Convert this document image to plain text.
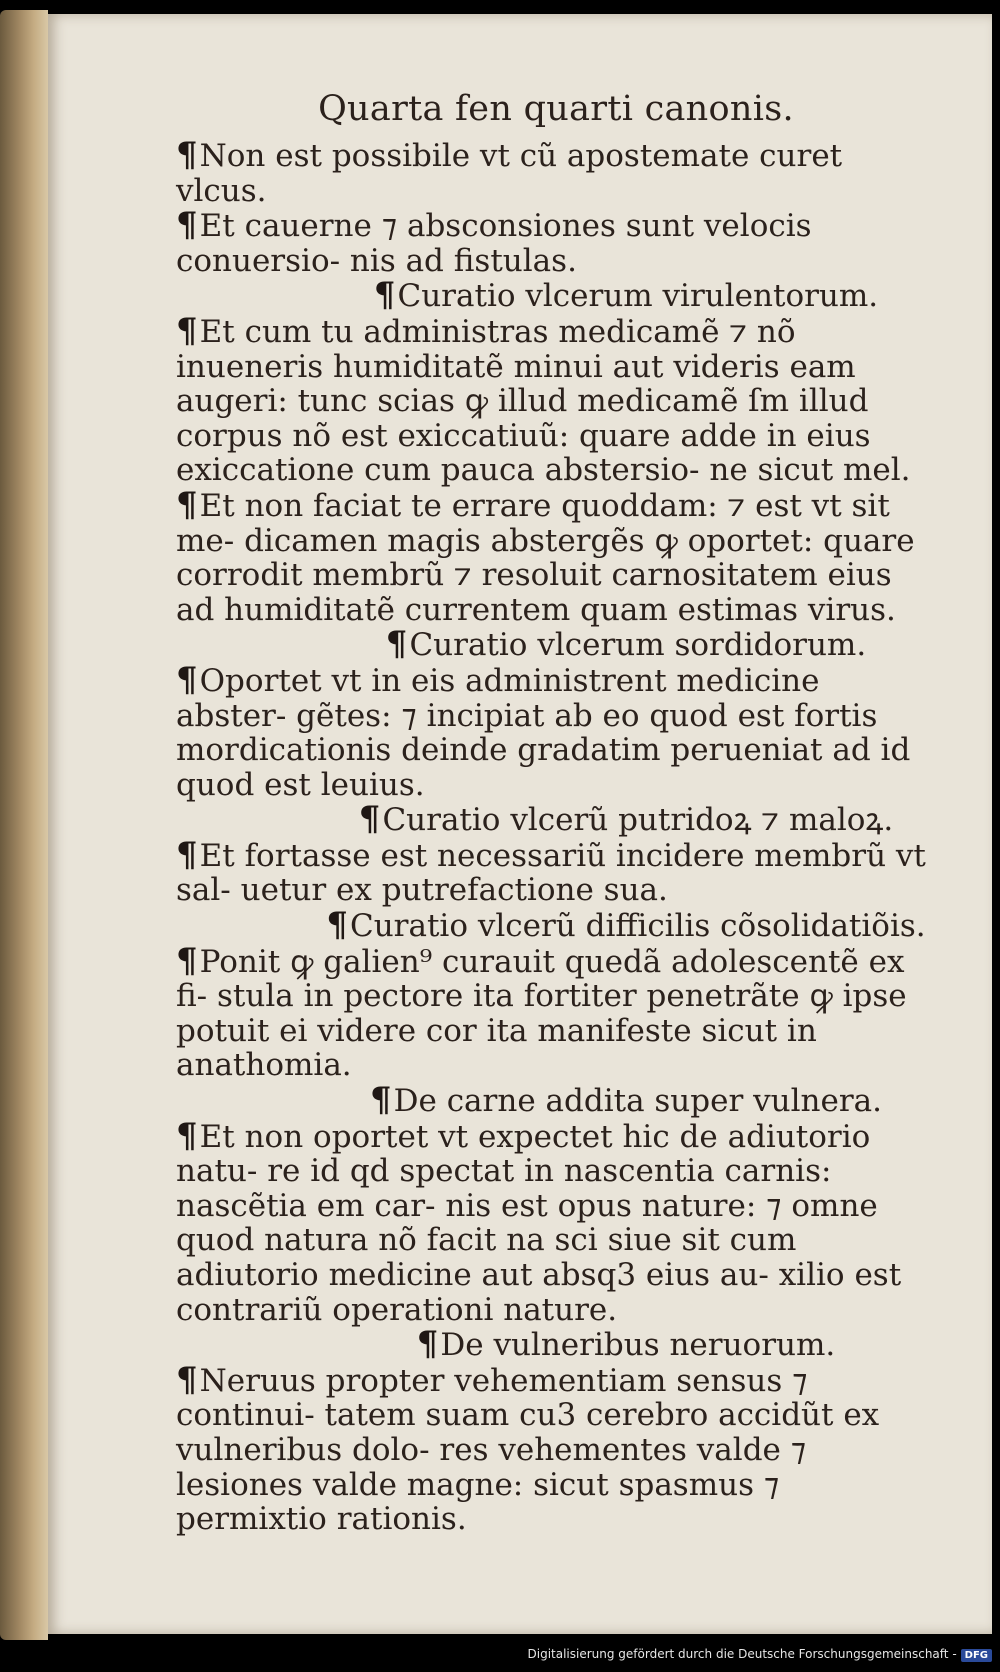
Quarta fen quarti canonis.

¶Non est possibile vt cũ apostemate curet vlcus.

¶Et cauerne ⁊ absconsiones sunt velocis conuersio- nis ad fistulas.

¶Curatio vlcerum virulentorum.

¶Et cum tu administras medicamẽ ⁊ nõ inueneris humiditatẽ minui aut videris eam augeri: tunc scias ꝙ illud medicamẽ ſm illud corpus nõ est exiccatiuũ: quare adde in eius exiccatione cum pauca abstersio- ne sicut mel.

¶Et non faciat te errare quoddam: ⁊ est vt sit me- dicamen magis abstergẽs ꝙ oportet: quare corrodit membrũ ⁊ resoluit carnositatem eius ad humiditatẽ currentem quam estimas virus.

¶Curatio vlcerum sordidorum.

¶Oportet vt in eis administrent medicine abster- gẽtes: ⁊ incipiat ab eo quod est fortis mordicationis deinde gradatim perueniat ad id quod est leuius.

¶Curatio vlcerũ putridoꝝ ⁊ maloꝝ.

¶Et fortasse est necessariũ incidere membrũ vt sal- uetur ex putrefactione sua.

¶Curatio vlcerũ difficilis cõsolidatiõis.

¶Ponit ꝙ galien⁹ curauit quedã adolescentẽ ex fi- stula in pectore ita fortiter penetrãte ꝙ ipse potuit ei videre cor ita manifeste sicut in anathomia.

¶De carne addita super vulnera.

¶Et non oportet vt expectet hic de adiutorio natu- re id qd spectat in nascentia carnis: nascẽtia em car- nis est opus nature: ⁊ omne quod natura nõ facit na sci siue sit cum adiutorio medicine aut absq3 eius au- xilio est contrariũ operationi nature.

¶De vulneribus neruorum.

¶Neruus propter vehementiam sensus ⁊ continui- tatem suam cu3 cerebro accidũt ex vulneribus dolo- res vehementes valde ⁊ lesiones valde magne: sicut spasmus ⁊ permixtio rationis.

Digitalisierung gefördert durch die Deutsche Forschungsgemeinschaft - DFG
